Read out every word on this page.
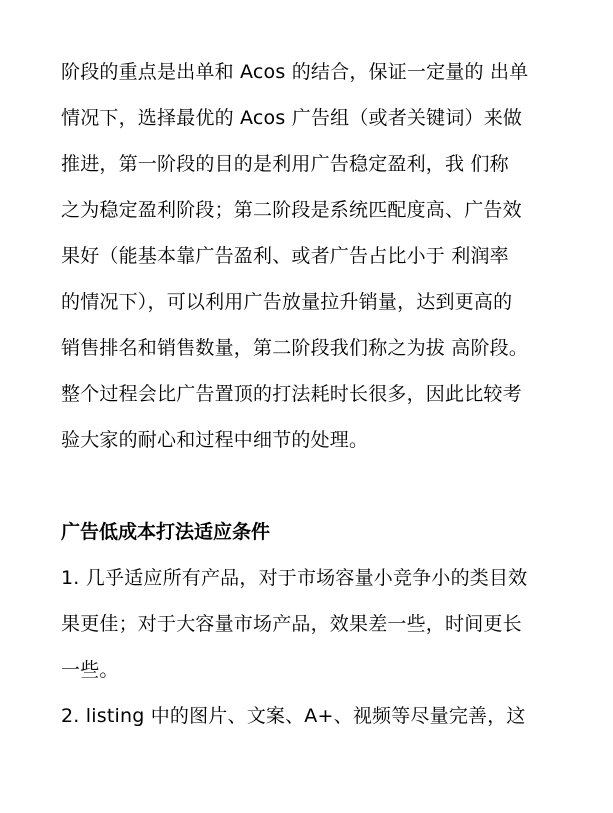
阶段的重点是出单和 Acos 的结合，保证一定量的 出单
情况下，选择最优的 Acos 广告组（或者关键词）来做
推进，第一阶段的目的是利用广告稳定盈利，我 们称
之为稳定盈利阶段；第二阶段是系统匹配度高、广告效
果好（能基本靠广告盈利、或者广告占比小于 利润率
的情况下），可以利用广告放量拉升销量，达到更高的
销售排名和销售数量，第二阶段我们称之为拔 高阶段。
整个过程会比广告置顶的打法耗时长很多，因此比较考
验大家的耐心和过程中细节的处理。
广告低成本打法适应条件
1. 几乎适应所有产品，对于市场容量小竞争小的类目效
果更佳；对于大容量市场产品，效果差一些，时间更长
一些。
2. listing 中的图片、文案、A+、视频等尽量完善，这
